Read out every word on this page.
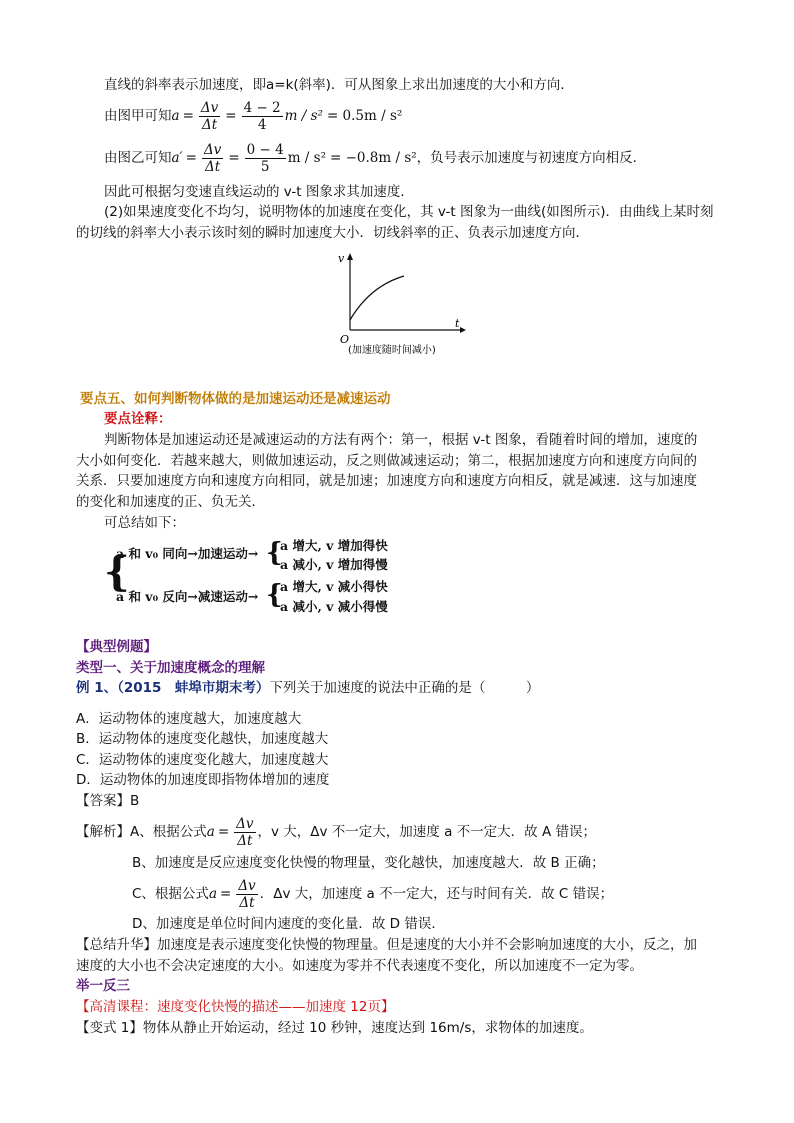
直线的斜率表示加速度，即a=k(斜率)．可从图象上求出加速度的大小和方向．
由图甲可知 $a = \frac{\Delta v}{\Delta t} = \frac{4 - 2}{4}$ m / s² = 0.5m / s²
由图乙可知 $a' = \frac{\Delta v}{\Delta t} = \frac{0 - 4}{5}$ m / s² = −0.8m / s² ，负号表示加速度与初速度方向相反．
因此可根据匀变速直线运动的 v-t 图象求其加速度．
(2)如果速度变化不均匀，说明物体的加速度在变化，其 v-t 图象为一曲线(如图所示)．由曲线上某时刻
的切线的斜率大小表示该时刻的瞬时加速度大小．切线斜率的正、负表示加速度方向．
v
t
O
(加速度随时间减小)
要点五、如何判断物体做的是加速运动还是减速运动
要点诠释：
判断物体是加速运动还是减速运动的方法有两个：第一，根据 v-t 图象，看随着时间的增加，速度的
大小如何变化．若越来越大，则做加速运动，反之则做减速运动；第二，根据加速度方向和速度方向间的
关系．只要加速度方向和速度方向相同，就是加速；加速度方向和速度方向相反，就是减速．这与加速度
的变化和加速度的正、负无关．
可总结如下：
{
a 和 v₀ 同向→加速运动→ {
a 增大, v 增加得快
a 减小, v 增加得慢
a 和 v₀ 反向→减速运动→ {
a 增大, v 减小得快
a 减小, v 减小得慢
【典型例题】
类型一、关于加速度概念的理解
例 1、（2015　蚌埠市期末考）下列关于加速度的说法中正确的是（　　　）
A．运动物体的速度越大，加速度越大
B．运动物体的速度变化越快，加速度越大
C．运动物体的速度变化越大，加速度越大
D．运动物体的加速度即指物体增加的速度
【答案】B
【解析】 A、根据公式 $a = \frac{\Delta v}{\Delta t}$ ，v 大，Δv 不一定大，加速度 a 不一定大．故 A 错误；
B、加速度是反应速度变化快慢的物理量，变化越快，加速度越大．故 B 正确；
C、根据公式 $a = \frac{\Delta v}{\Delta t}$ ．Δv 大，加速度 a 不一定大，还与时间有关．故 C 错误；
D、加速度是单位时间内速度的变化量．故 D 错误．
【总结升华】加速度是表示速度变化快慢的物理量。但是速度的大小并不会影响加速度的大小，反之，加
速度的大小也不会决定速度的大小。如速度为零并不代表速度不变化，所以加速度不一定为零。
举一反三
【高清课程：速度变化快慢的描述——加速度 12页】
【变式 1】物体从静止开始运动，经过 10 秒钟，速度达到 16m/s，求物体的加速度。
